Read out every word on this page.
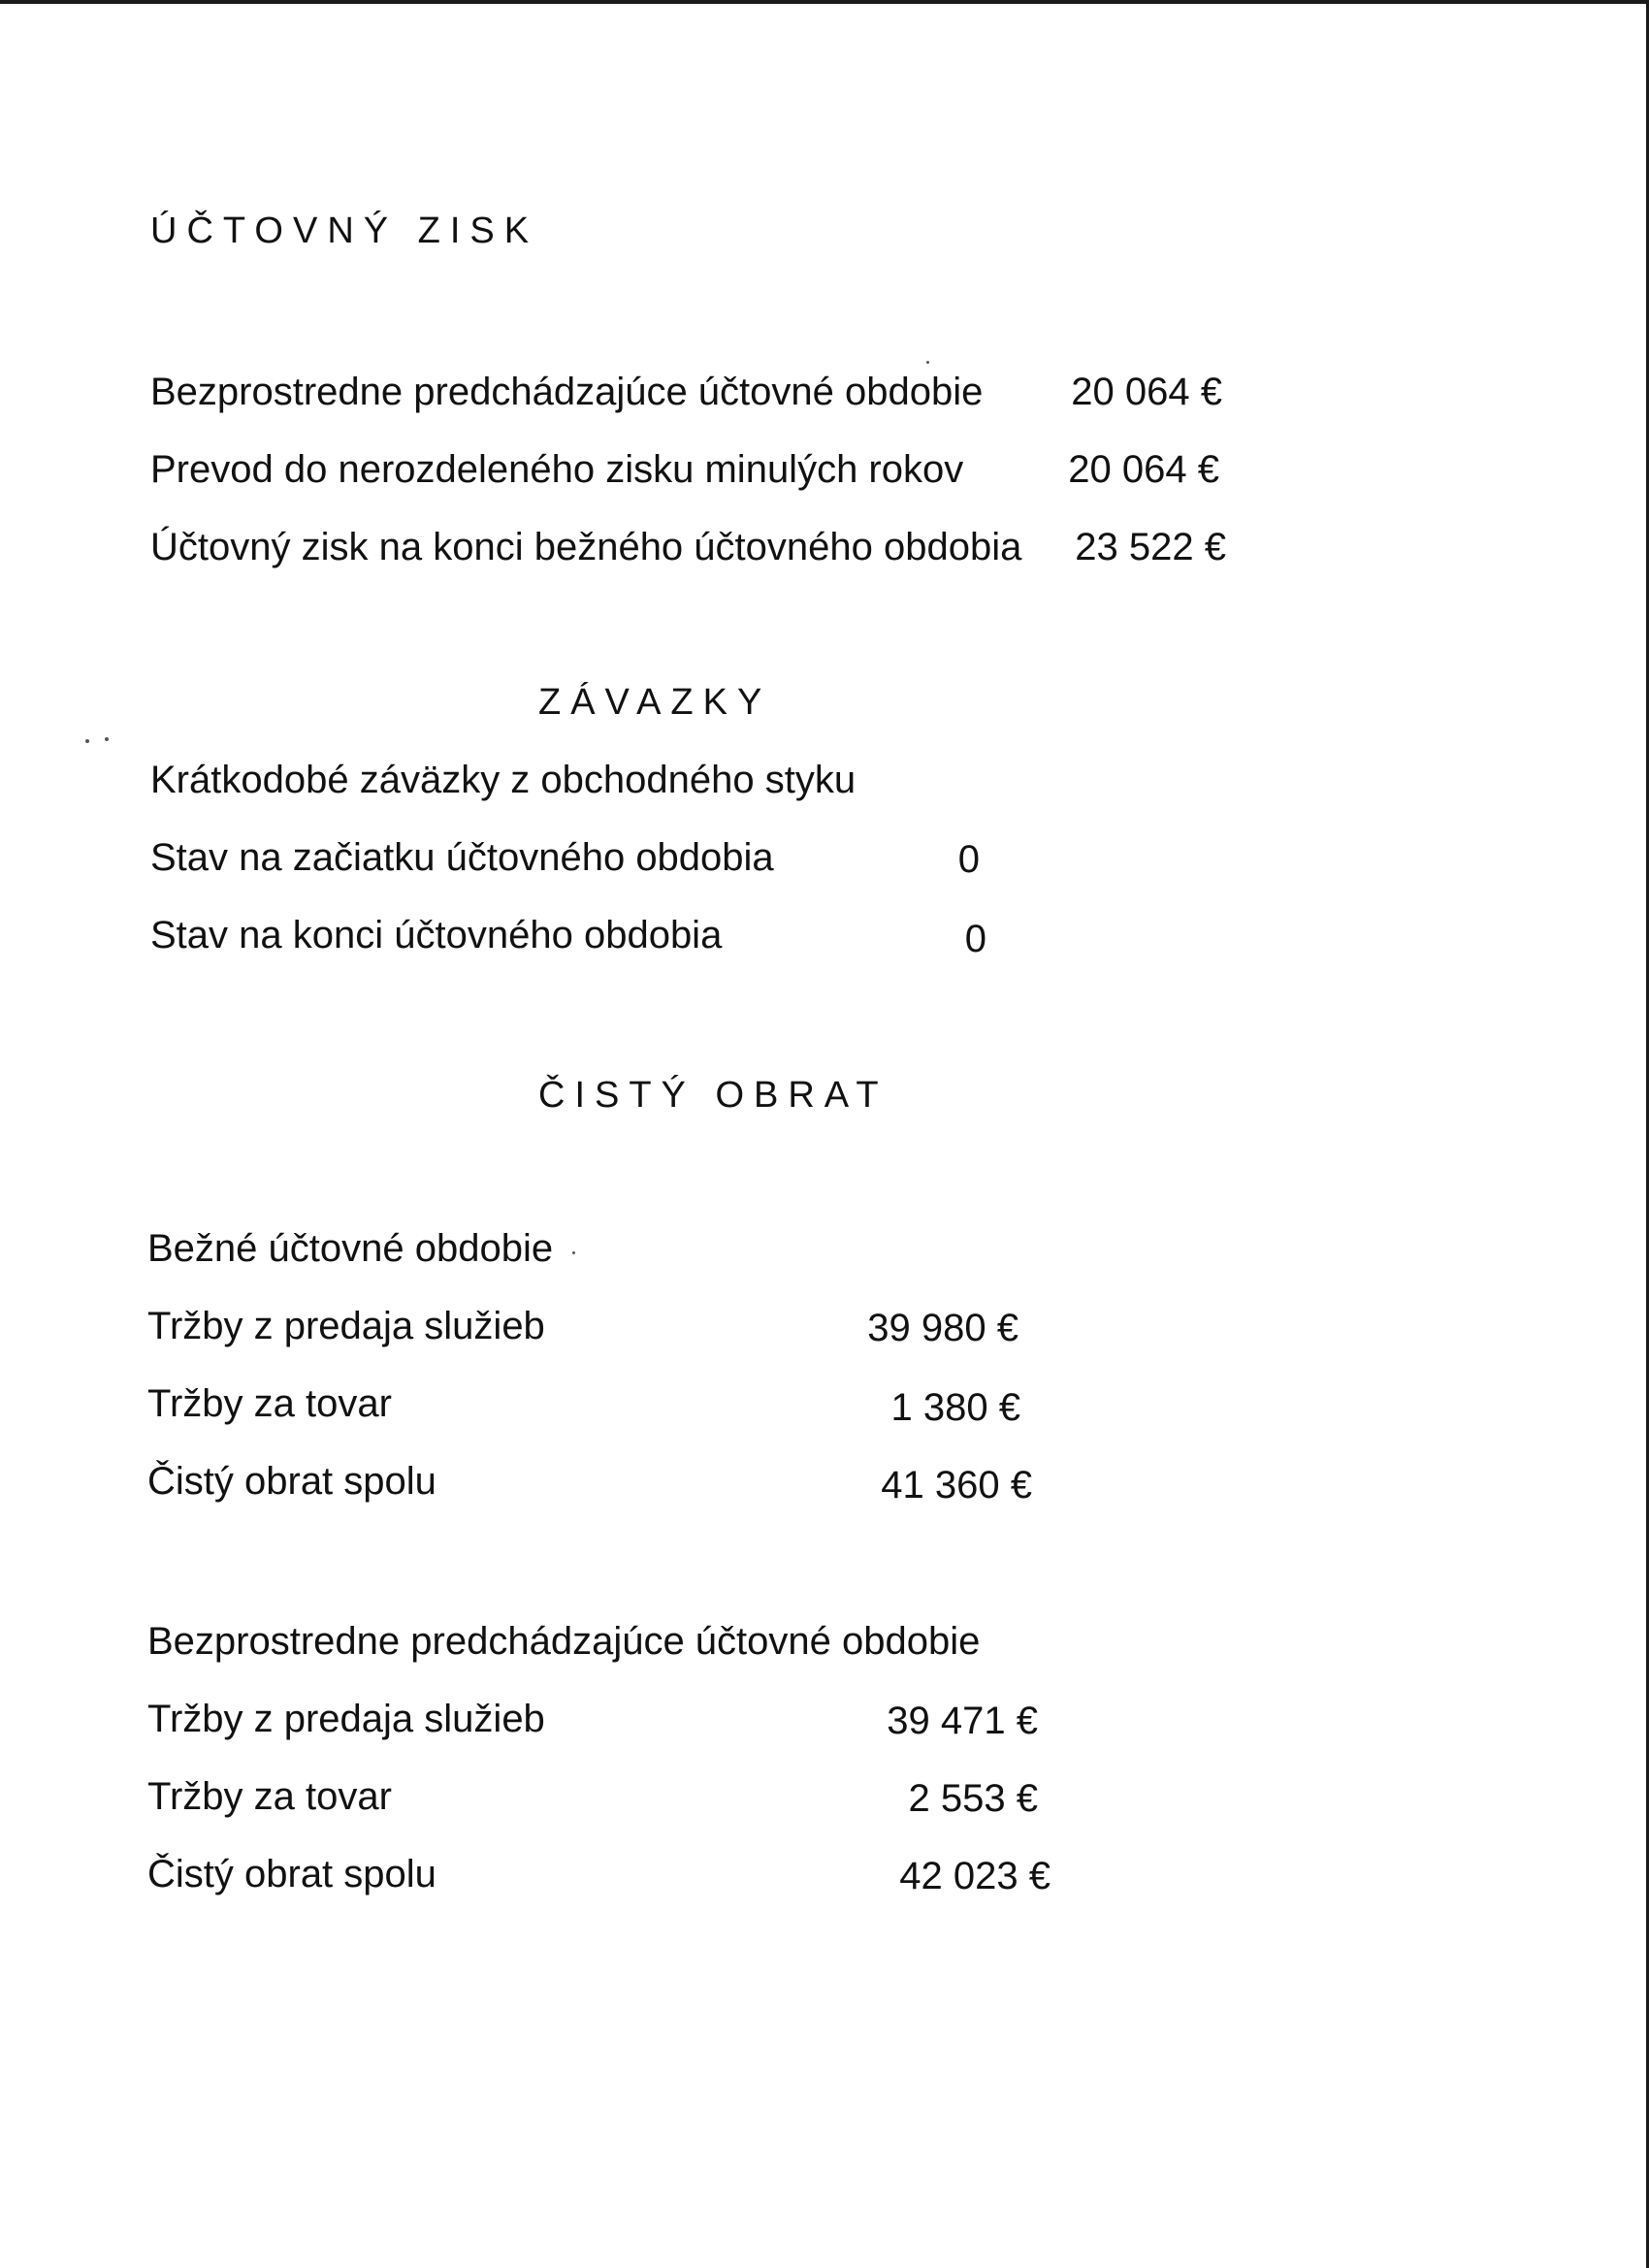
ÚČTOVNÝ ZISK
Bezprostredne predchádzajúce účtovné obdobie 20 064 €
Prevod do nerozdeleného zisku minulých rokov	20 064 €
Účtovný zisk na konci bežného účtovného obdobia 23 522 €
ZÁVAZKY
Krátkodobé záväzky z obchodného styku
Stav na začiatku účtovného obdobia	0
Stav na konci účtovného obdobia	0
ČISTÝ OBRAT
Bežné účtovné obdobie
Tržby z predaja služieb	39 980 €
Tržby za tovar	1 380 €
Čistý obrat spolu	41 360 €
Bezprostredne predchádzajúce účtovné obdobie
Tržby z predaja služieb	39 471 €
Tržby za tovar	2 553 €
Čistý obrat spolu	42 023 €
